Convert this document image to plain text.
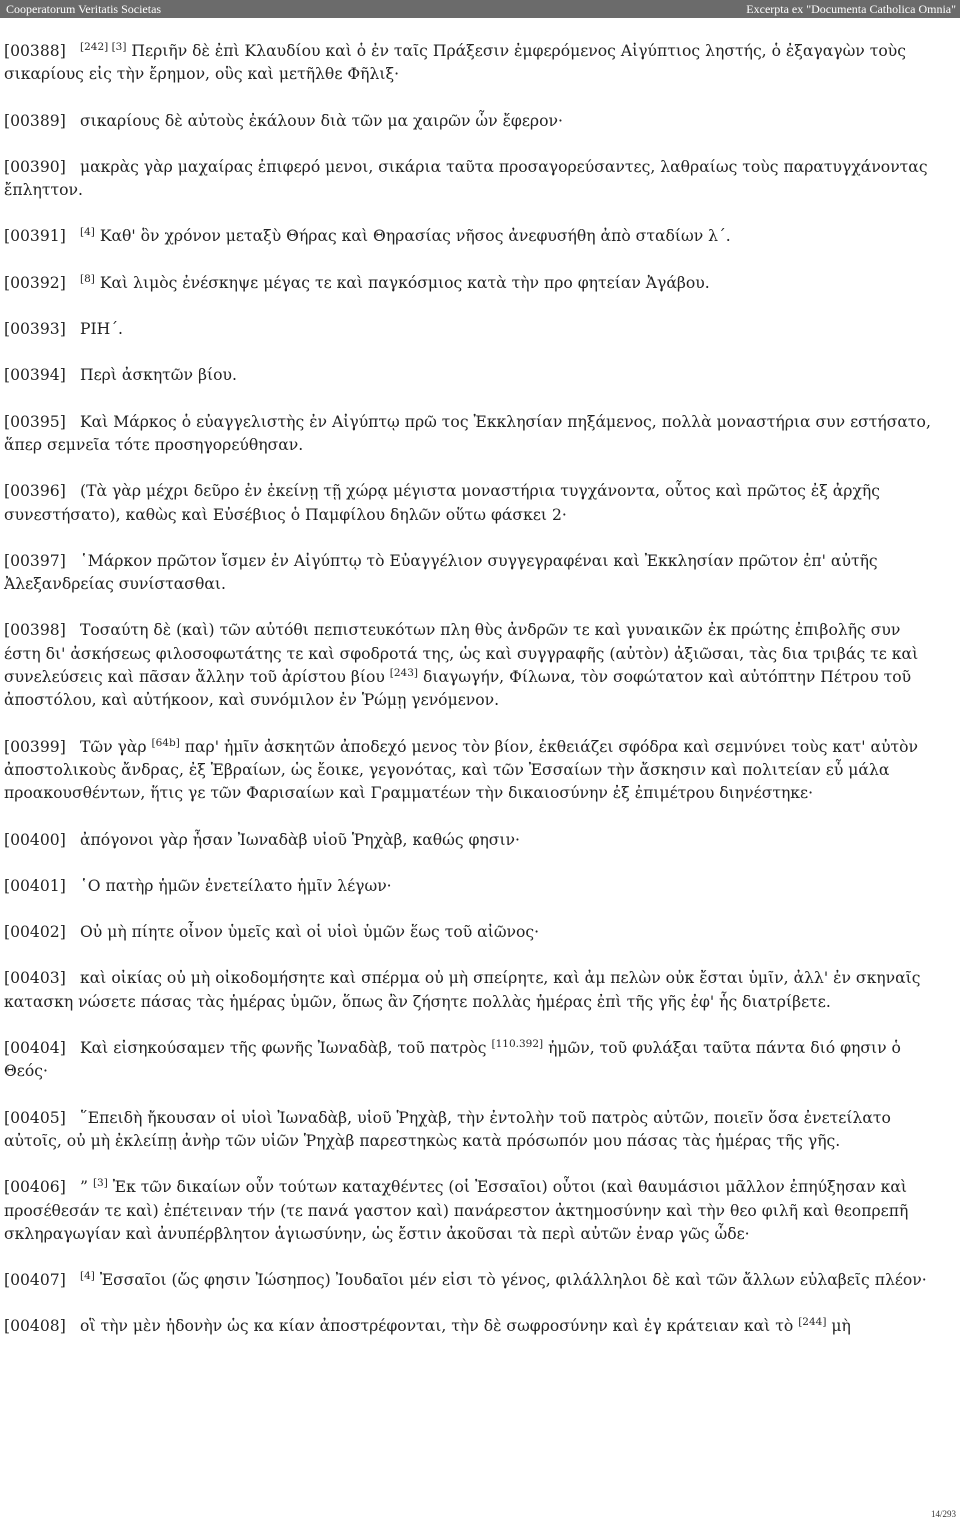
Cooperatorum Veritatis Societas	Excerpta ex "Documenta Catholica Omnia"
[00388] [242] [3] Περιῆν δὲ ἐπὶ Κλαυδίου καὶ ὁ ἐν ταῖς Πράξεσιν ἐμφερόμενος Αἰγύπτιος ληστής, ὁ ἐξαγαγὼν τοὺς σικαρίους εἰς τὴν ἔρημον, οὓς καὶ μετῆλθε Φῆλιξ·
[00389] σικαρίους δὲ αὐτοὺς ἐκάλουν διὰ τῶν μα χαιρῶν ὧν ἔφερον·
[00390] μακρὰς γὰρ μαχαίρας ἐπιφερό μενοι, σικάρια ταῦτα προσαγορεύσαντες, λαθραίως τοὺς παρατυγχάνοντας ἔπληττον.
[00391] [4] Καθ' ὃν χρόνον μεταξὺ Θήρας καὶ Θηρασίας νῆσος ἀνεφυσήθη ἀπὸ σταδίων λ΄.
[00392] [8] Καὶ λιμὸς ἐνέσκηψε μέγας τε καὶ παγκόσμιος κατὰ τὴν προ φητείαν Ἀγάβου.
[00393] ΡΙΗ΄.
[00394] Περὶ ἀσκητῶν βίου.
[00395] Καὶ Μάρκος ὁ εὐαγγελιστὴς ἐν Αἰγύπτῳ πρῶ τος Ἐκκλησίαν πηξάμενος, πολλὰ μοναστήρια συν εστήσατο, ἅπερ σεμνεῖα τότε προσηγορεύθησαν.
[00396] (Τὰ γὰρ μέχρι δεῦρο ἐν ἐκείνῃ τῇ χώρᾳ μέγιστα μοναστήρια τυγχάνοντα, οὗτος καὶ πρῶτος ἐξ ἀρχῆς συνεστήσατο), καθὼς καὶ Εὐσέβιος ὁ Παμφίλου δηλῶν οὕτω φάσκει 2·
[00397] ῾Μάρκον πρῶτον ἴσμεν ἐν Αἰγύπτῳ τὸ Εὐαγγέλιον συγγεγραφέναι καὶ Ἐκκλησίαν πρῶτον ἐπ' αὐτῆς Ἀλεξανδρείας συνίστασθαι.
[00398] Τοσαύτη δὲ (καὶ) τῶν αὐτόθι πεπιστευκότων πλη θὺς ἀνδρῶν τε καὶ γυναικῶν ἐκ πρώτης ἐπιβολῆς συν έστη δι' ἀσκήσεως φιλοσοφωτάτης τε καὶ σφοδροτά της, ὡς καὶ συγγραφῆς (αὐτὸν) ἀξιῶσαι, τὰς δια τριβάς τε καὶ συνελεύσεις καὶ πᾶσαν ἄλλην τοῦ ἀρίστου βίου [243] διαγωγήν, Φίλωνα, τὸν σοφώτατον καὶ αὐτόπτην Πέτρου τοῦ ἀποστόλου, καὶ αὐτήκοον, καὶ συνόμιλον ἐν Ῥώμῃ γενόμενον.
[00399] Τῶν γὰρ [64b] παρ' ἡμῖν ἀσκητῶν ἀποδεχό μενος τὸν βίον, ἐκθειάζει σφόδρα καὶ σεμνύνει τοὺς κατ' αὐτὸν ἀποστολικοὺς ἄνδρας, ἐξ Ἑβραίων, ὡς ἔοικε, γεγονότας, καὶ τῶν Ἐσσαίων τὴν ἄσκησιν καὶ πολιτείαν εὖ μάλα προακουσθέντων, ἥτις γε τῶν Φαρισαίων καὶ Γραμματέων τὴν δικαιοσύνην ἐξ ἐπιμέτρου διηνέστηκε·
[00400] ἀπόγονοι γὰρ ἦσαν Ἰωναδὰβ υἱοῦ Ῥηχὰβ, καθώς φησιν·
[00401] ῾Ο πατὴρ ἡμῶν ἐνετείλατο ἡμῖν λέγων·
[00402] Οὐ μὴ πίητε οἶνον ὑμεῖς καὶ οἱ υἱοὶ ὑμῶν ἕως τοῦ αἰῶνος·
[00403] καὶ οἰκίας οὐ μὴ οἰκοδομήσητε καὶ σπέρμα οὐ μὴ σπείρητε, καὶ ἀμ πελὼν οὐκ ἔσται ὑμῖν, ἀλλ' ἐν σκηναῖς κατασκη νώσετε πάσας τὰς ἡμέρας ὑμῶν, ὅπως ἂν ζήσητε πολλὰς ἡμέρας ἐπὶ τῆς γῆς ἐφ' ἧς διατρίβετε.
[00404] Καὶ εἰσηκούσαμεν τῆς φωνῆς Ἰωναδὰβ, τοῦ πατρὸς [110.392] ἡμῶν, τοῦ φυλάξαι ταῦτα πάντα διό φησιν ὁ Θεός·
[00405] ῞Επειδὴ ἤκουσαν οἱ υἱοὶ Ἰωναδὰβ, υἱοῦ Ῥηχὰβ, τὴν ἐντολὴν τοῦ πατρὸς αὐτῶν, ποιεῖν ὅσα ἐνετείλατο αὐτοῖς, οὐ μὴ ἐκλείπῃ ἀνὴρ τῶν υἱῶν Ῥηχὰβ παρεστηκὼς κατὰ πρόσωπόν μου πάσας τὰς ἡμέρας τῆς γῆς.
[00406] ” [3] Ἐκ τῶν δικαίων οὖν τούτων καταχθέντες (οἱ Ἐσσαῖοι) οὗτοι (καὶ θαυμάσιοι μᾶλλον ἐπηύξησαν καὶ προσέθεσάν τε καὶ) ἐπέτειναν τήν (τε πανά γαστον καὶ) πανάρεστον ἀκτημοσύνην καὶ τὴν θεο φιλῆ καὶ θεοπρεπῆ σκληραγωγίαν καὶ ἀνυπέρβλητον ἁγιωσύνην, ὡς ἔστιν ἀκοῦσαι τὰ περὶ αὐτῶν ἐναρ γῶς ὧδε·
[00407] [4] Ἐσσαῖοι (ὥς φησιν Ἰώσηπος) Ἰουδαῖοι μέν εἰσι τὸ γένος, φιλάλληλοι δὲ καὶ τῶν ἄλλων εὐλαβεῖς πλέον·
[00408] οἳ τὴν μὲν ἡδονὴν ὡς κα κίαν ἀποστρέφονται, τὴν δὲ σωφροσύνην καὶ ἐγ κράτειαν καὶ τὸ [244] μὴ
14/293
